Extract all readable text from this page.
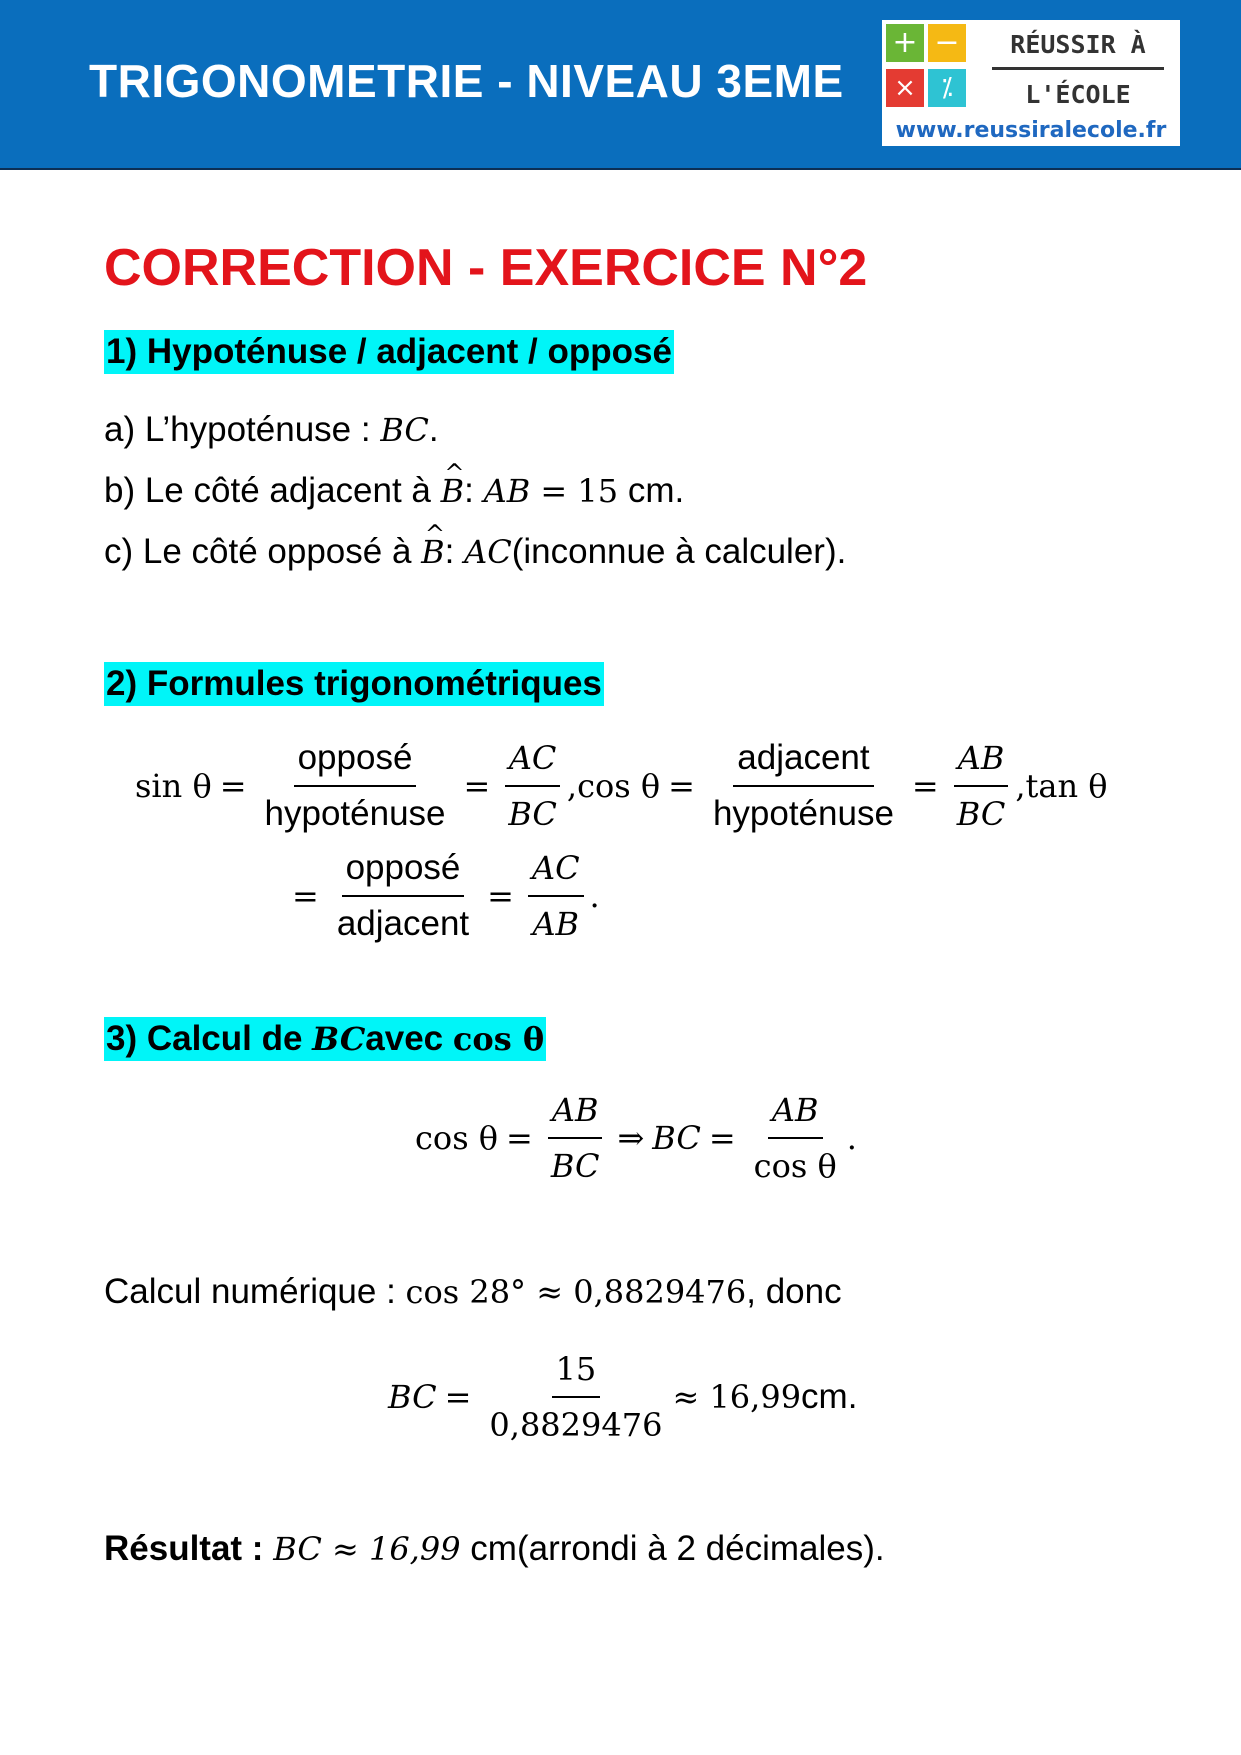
TRIGONOMETRIE - NIVEAU 3EME
+ −
× ⁒
RÉUSSIR À
L'ÉCOLE
www.reussiralecole.fr
CORRECTION - EXERCICE N°2
1) Hypoténuse / adjacent / opposé
a) L’hypoténuse : BC.
b) Le côté adjacent à ^ B: AB = 15 cm.
c) Le côté opposé à ^ B: AC(inconnue à calculer).
2) Formules trigonométriques
$\sin \theta = \frac{\text{opposé}}{\text{hypoténuse}} = \frac{AC}{BC}$ , $\cos \theta = \frac{\text{adjacent}}{\text{hypoténuse}} = \frac{AB}{BC}$ , tan θ
= $\frac{\text{opposé}}{\text{adjacent}} = \frac{AC}{AB}$ .
3) Calcul de BCavec cos θ
$\cos \theta = \frac{AB}{BC}$ ⇒ BC = $\frac{AB}{\text{cos θ}}$ .
Calcul numérique : cos 28° ≈ 0,8829476, donc
BC = $\frac{15}{0,8829476} \approx 16,99$ cm.
Résultat : BC ≈ 16,99 cm(arrondi à 2 décimales).
